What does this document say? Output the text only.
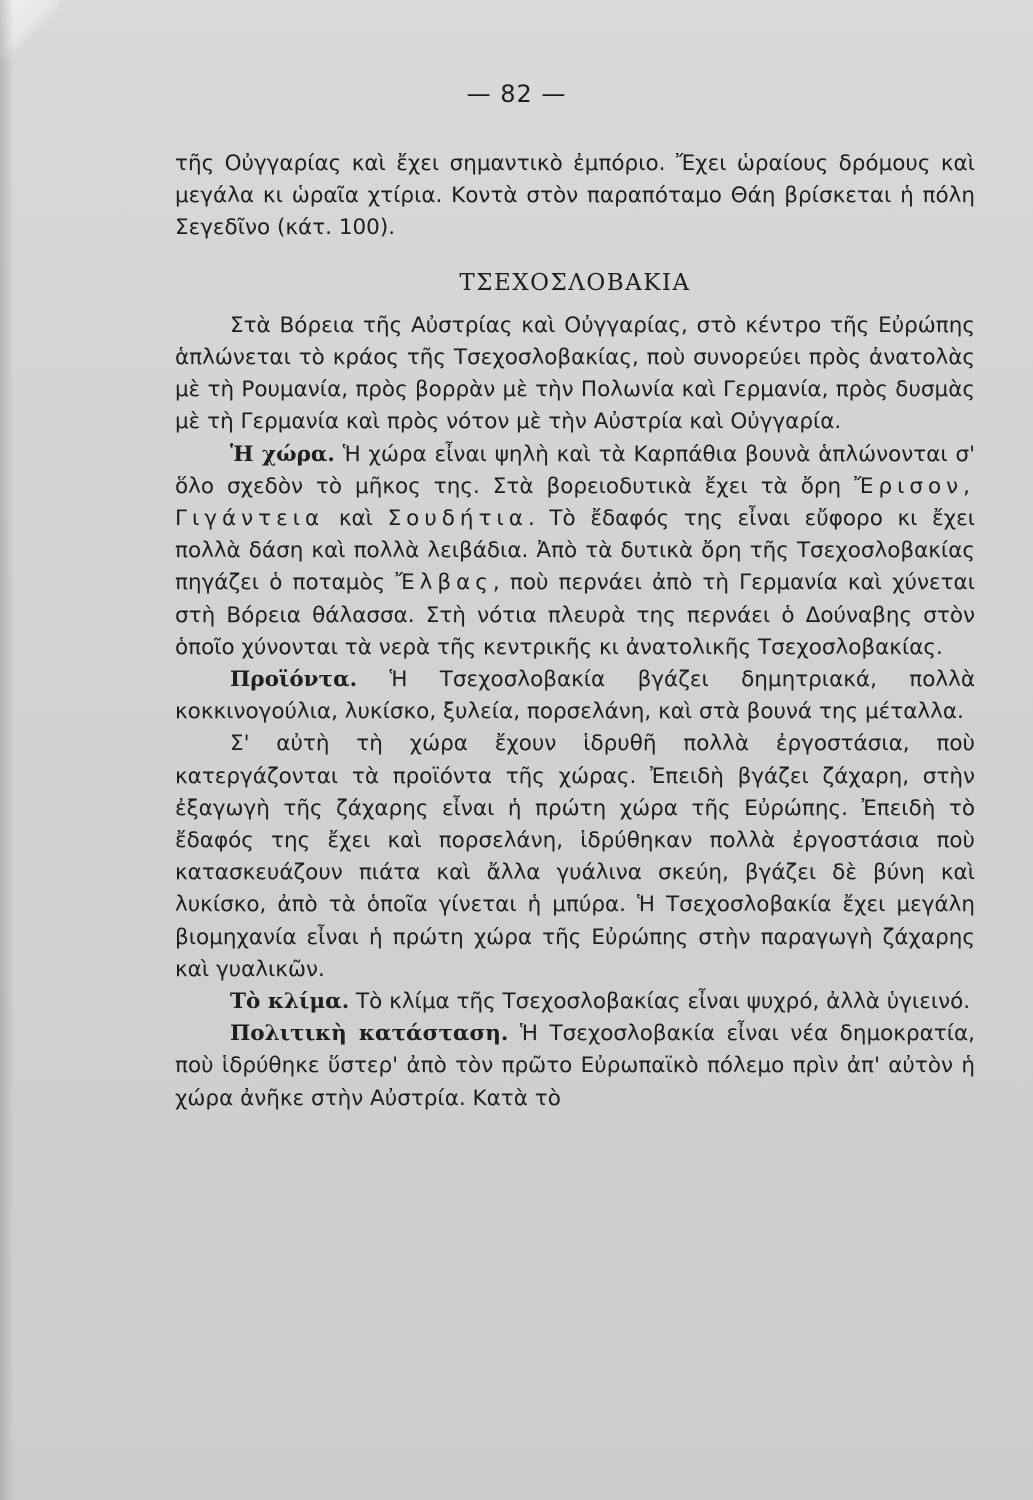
— 82 —

τῆς Οὐγγαρίας καὶ ἔχει σημαντικὸ ἐμπόριο. Ἔχει ὡραίους δρόμους καὶ μεγάλα κι ὡραῖα χτίρια. Κοντὰ στὸν παραπόταμο Θάη βρίσκεται ἡ πόλη Σεγεδῖνο (κάτ. 100).

ΤΣΕΧΟΣΛΟΒΑΚΙΑ

Στὰ Βόρεια τῆς Αὐστρίας καὶ Οὐγγαρίας, στὸ κέντρο τῆς Εὐρώπης ἁπλώνεται τὸ κράος τῆς Τσεχοσλοβακίας, ποὺ συνορεύει πρὸς ἀνατολὰς μὲ τὴ Ρουμανία, πρὸς βορρὰν μὲ τὴν Πολωνία καὶ Γερμανία, πρὸς δυσμὰς μὲ τὴ Γερμανία καὶ πρὸς νότον μὲ τὴν Αὐστρία καὶ Οὐγγαρία.

Ἡ χώρα. Ἡ χώρα εἶναι ψηλὴ καὶ τὰ Καρπάθια βουνὰ ἁπλώνονται σ' ὅλο σχεδὸν τὸ μῆκος της. Στὰ βορειοδυτικὰ ἔχει τὰ ὄρη Ἔρισον, Γιγάντεια καὶ Σουδήτια. Τὸ ἔδαφός της εἶναι εὔφορο κι ἔχει πολλὰ δάση καὶ πολλὰ λειβάδια. Ἀπὸ τὰ δυτικὰ ὄρη τῆς Τσεχοσλοβακίας πηγάζει ὁ ποταμὸς Ἔλβας, ποὺ περνάει ἀπὸ τὴ Γερμανία καὶ χύνεται στὴ Βόρεια θάλασσα. Στὴ νότια πλευρὰ της περνάει ὁ Δούναβης στὸν ὁποῖο χύνονται τὰ νερὰ τῆς κεντρικῆς κι ἀνατολικῆς Τσεχοσλοβακίας.

Προϊόντα. Ἡ Τσεχοσλοβακία βγάζει δημητριακά, πολλὰ κοκκινογούλια, λυκίσκο, ξυλεία, πορσελάνη, καὶ στὰ βουνά της μέταλλα.

Σ' αὐτὴ τὴ χώρα ἔχουν ἱδρυθῆ πολλὰ ἐργοστάσια, ποὺ κατεργάζονται τὰ προϊόντα τῆς χώρας. Ἐπειδὴ βγάζει ζάχαρη, στὴν ἐξαγωγὴ τῆς ζάχαρης εἶναι ἡ πρώτη χώρα τῆς Εὐρώπης. Ἐπειδὴ τὸ ἔδαφός της ἔχει καὶ πορσελάνη, ἱδρύθηκαν πολλὰ ἐργοστάσια ποὺ κατασκευάζουν πιάτα καὶ ἄλλα γυάλινα σκεύη, βγάζει δὲ βύνη καὶ λυκίσκο, ἀπὸ τὰ ὁποῖα γίνεται ἡ μπύρα. Ἡ Τσεχοσλοβακία ἔχει μεγάλη βιομηχανία εἶναι ἡ πρώτη χώρα τῆς Εὐρώπης στὴν παραγωγὴ ζάχαρης καὶ γυαλικῶν.

Τὸ κλίμα. Τὸ κλίμα τῆς Τσεχοσλοβακίας εἶναι ψυχρό, ἀλλὰ ὑγιεινό.

Πολιτικὴ κατάσταση. Ἡ Τσεχοσλοβακία εἶναι νέα δημοκρατία, ποὺ ἱδρύθηκε ὕστερ' ἀπὸ τὸν πρῶτο Εὐρωπαϊκὸ πόλεμο πρὶν ἀπ' αὐτὸν ἡ χώρα ἀνῆκε στὴν Αὐστρία. Κατὰ τὸ
